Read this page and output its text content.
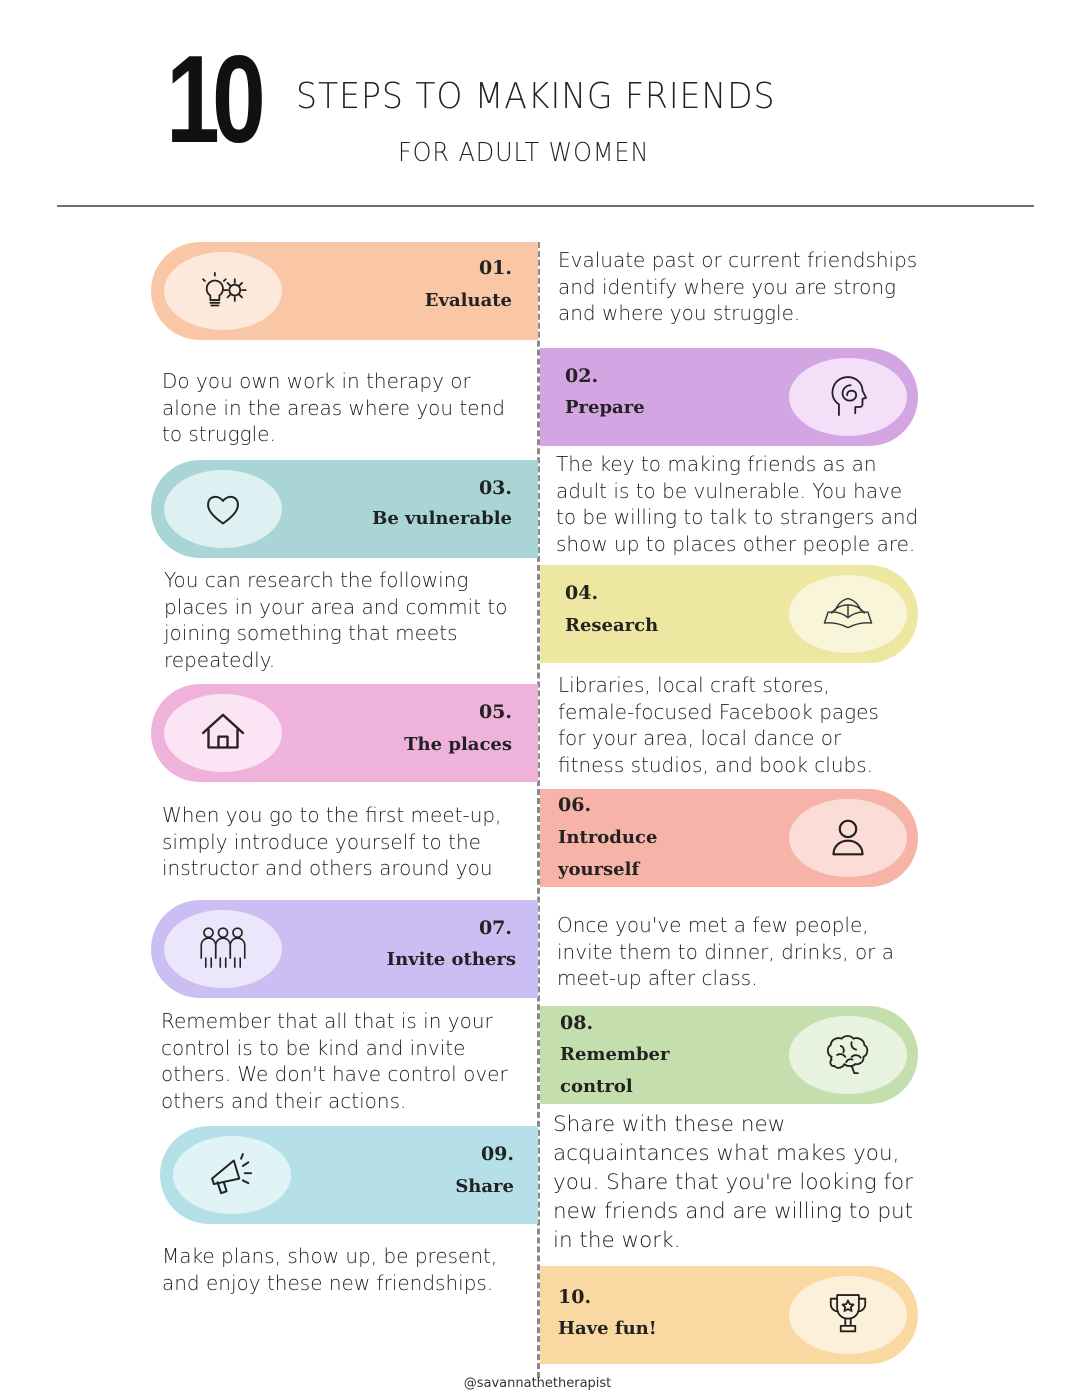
10 STEPS TO MAKING FRIENDS
FOR ADULT WOMEN
01.
Evaluate
Evaluate past or current friendships
and identify where you are strong
and where you struggle.
02.
Prepare
Do you own work in therapy or
alone in the areas where you tend
to struggle.
03.
Be vulnerable
The key to making friends as an
adult is to be vulnerable. You have
to be willing to talk to strangers and
show up to places other people are.
04.
Research
You can research the following
places in your area and commit to
joining something that meets
repeatedly.
05.
The places
Libraries, local craft stores,
female-focused Facebook pages
for your area, local dance or
fitness studios, and book clubs.
06.
Introduce
yourself
When you go to the first meet-up,
simply introduce yourself to the
instructor and others around you
07.
Invite others
Once you've met a few people,
invite them to dinner, drinks, or a
meet-up after class.
08.
Remember
control
Remember that all that is in your
control is to be kind and invite
others. We don't have control over
others and their actions.
09.
Share
Share with these new
acquaintances what makes you,
you. Share that you're looking for
new friends and are willing to put
in the work.
10.
Have fun!
Make plans, show up, be present,
and enjoy these new friendships.
@savannathetherapist
